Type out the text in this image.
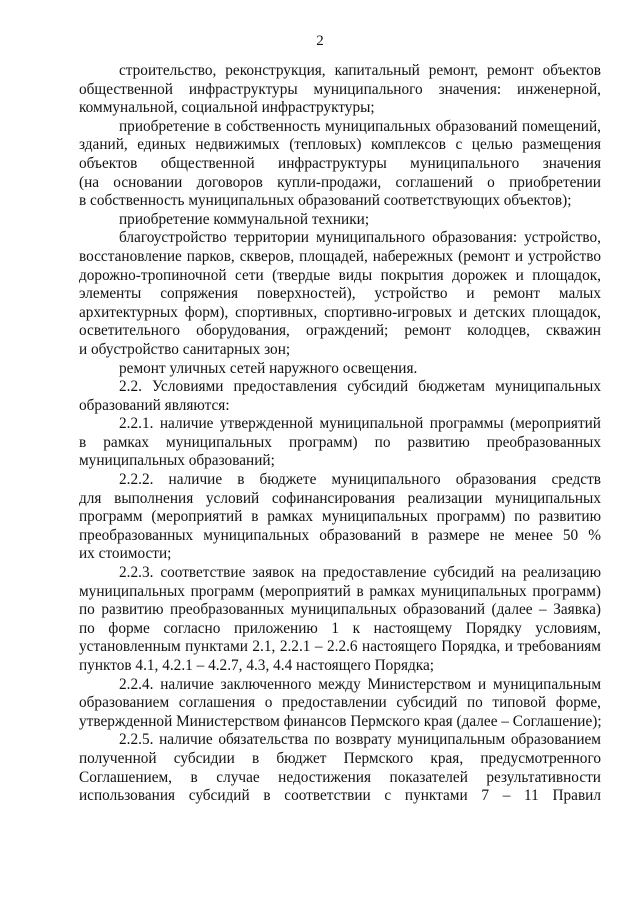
2
строительство, реконструкция, капитальный ремонт, ремонт объектов
общественной инфраструктуры муниципального значения: инженерной,
коммунальной, социальной инфраструктуры;
приобретение в собственность муниципальных образований помещений,
зданий, единых недвижимых (тепловых) комплексов с целью размещения
объектов общественной инфраструктуры муниципального значения
(на основании договоров купли-продажи, соглашений о приобретении
в собственность муниципальных образований соответствующих объектов);
приобретение коммунальной техники;
благоустройство территории муниципального образования: устройство,
восстановление парков, скверов, площадей, набережных (ремонт и устройство
дорожно-тропиночной сети (твердые виды покрытия дорожек и площадок,
элементы сопряжения поверхностей), устройство и ремонт малых
архитектурных форм), спортивных, спортивно-игровых и детских площадок,
осветительного оборудования, ограждений; ремонт колодцев, скважин
и обустройство санитарных зон;
ремонт уличных сетей наружного освещения.
2.2. Условиями предоставления субсидий бюджетам муниципальных
образований являются:
2.2.1. наличие утвержденной муниципальной программы (мероприятий
в рамках муниципальных программ) по развитию преобразованных
муниципальных образований;
2.2.2. наличие в бюджете муниципального образования средств
для выполнения условий софинансирования реализации муниципальных
программ (мероприятий в рамках муниципальных программ) по развитию
преобразованных муниципальных образований в размере не менее 50 %
их стоимости;
2.2.3. соответствие заявок на предоставление субсидий на реализацию
муниципальных программ (мероприятий в рамках муниципальных программ)
по развитию преобразованных муниципальных образований (далее – Заявка)
по форме согласно приложению 1 к настоящему Порядку условиям,
установленным пунктами 2.1, 2.2.1 – 2.2.6 настоящего Порядка, и требованиям
пунктов 4.1, 4.2.1 – 4.2.7, 4.3, 4.4 настоящего Порядка;
2.2.4. наличие заключенного между Министерством и муниципальным
образованием соглашения о предоставлении субсидий по типовой форме,
утвержденной Министерством финансов Пермского края (далее – Соглашение);
2.2.5. наличие обязательства по возврату муниципальным образованием
полученной субсидии в бюджет Пермского края, предусмотренного
Соглашением, в случае недостижения показателей результативности
использования субсидий в соответствии с пунктами 7 – 11 Правил
